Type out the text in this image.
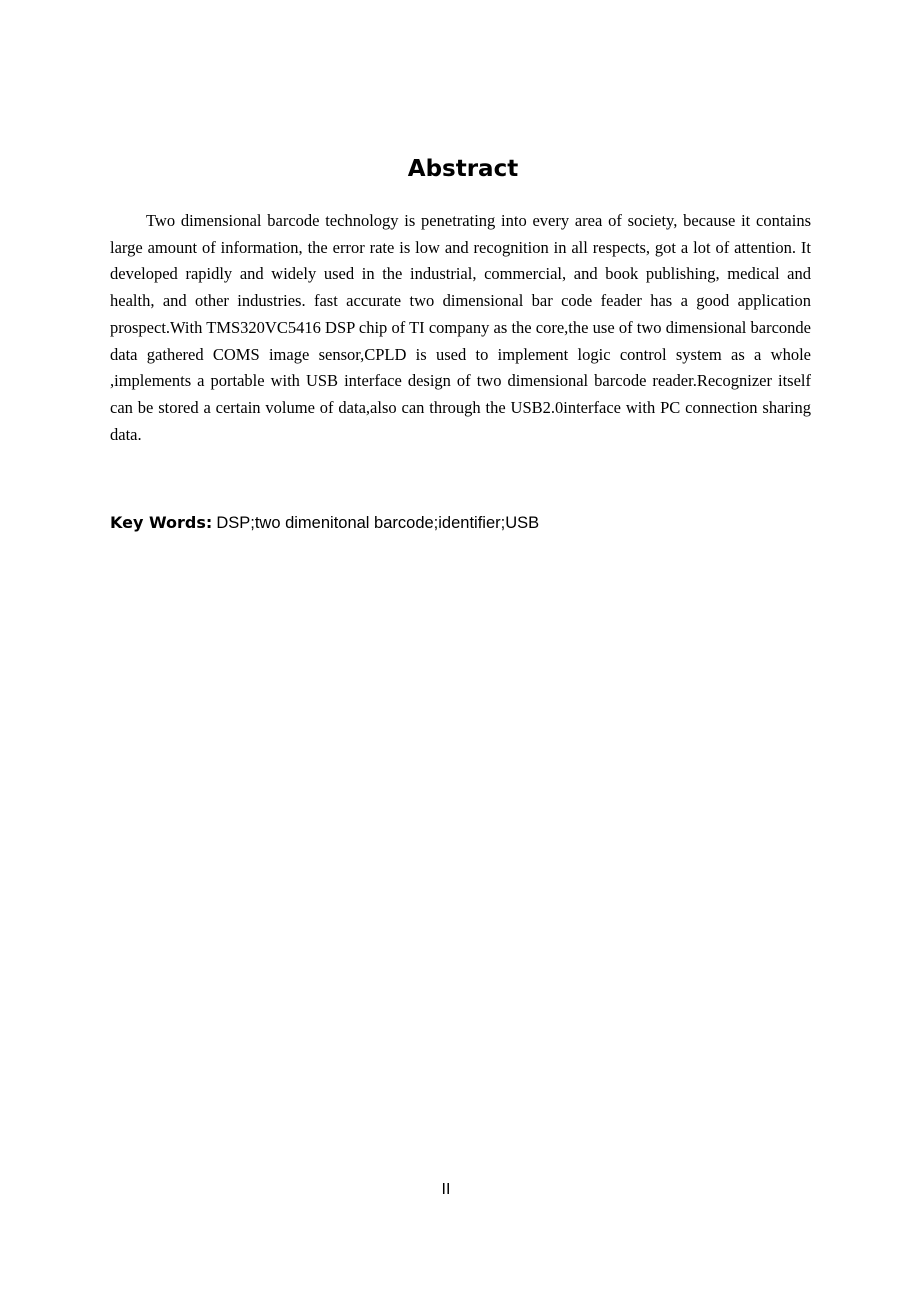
Abstract

Two dimensional barcode technology is penetrating into every area of society, because it contains large amount of information, the error rate is low and recognition in all respects, got a lot of attention. It developed rapidly and widely used in the industrial, commercial, and book publishing, medical and health, and other industries. fast accurate two dimensional bar code feader has a good application prospect.With TMS320VC5416 DSP chip of TI company as the core,the use of two dimensional barconde data gathered COMS image sensor,CPLD is used to implement logic control system as a whole ,implements a portable with USB interface design of two dimensional barcode reader.Recognizer itself can be stored a certain volume of data,also can through the USB2.0interface with PC connection sharing data.

Key Words: DSP;two dimenitonal barcode;identifier;USB

II
